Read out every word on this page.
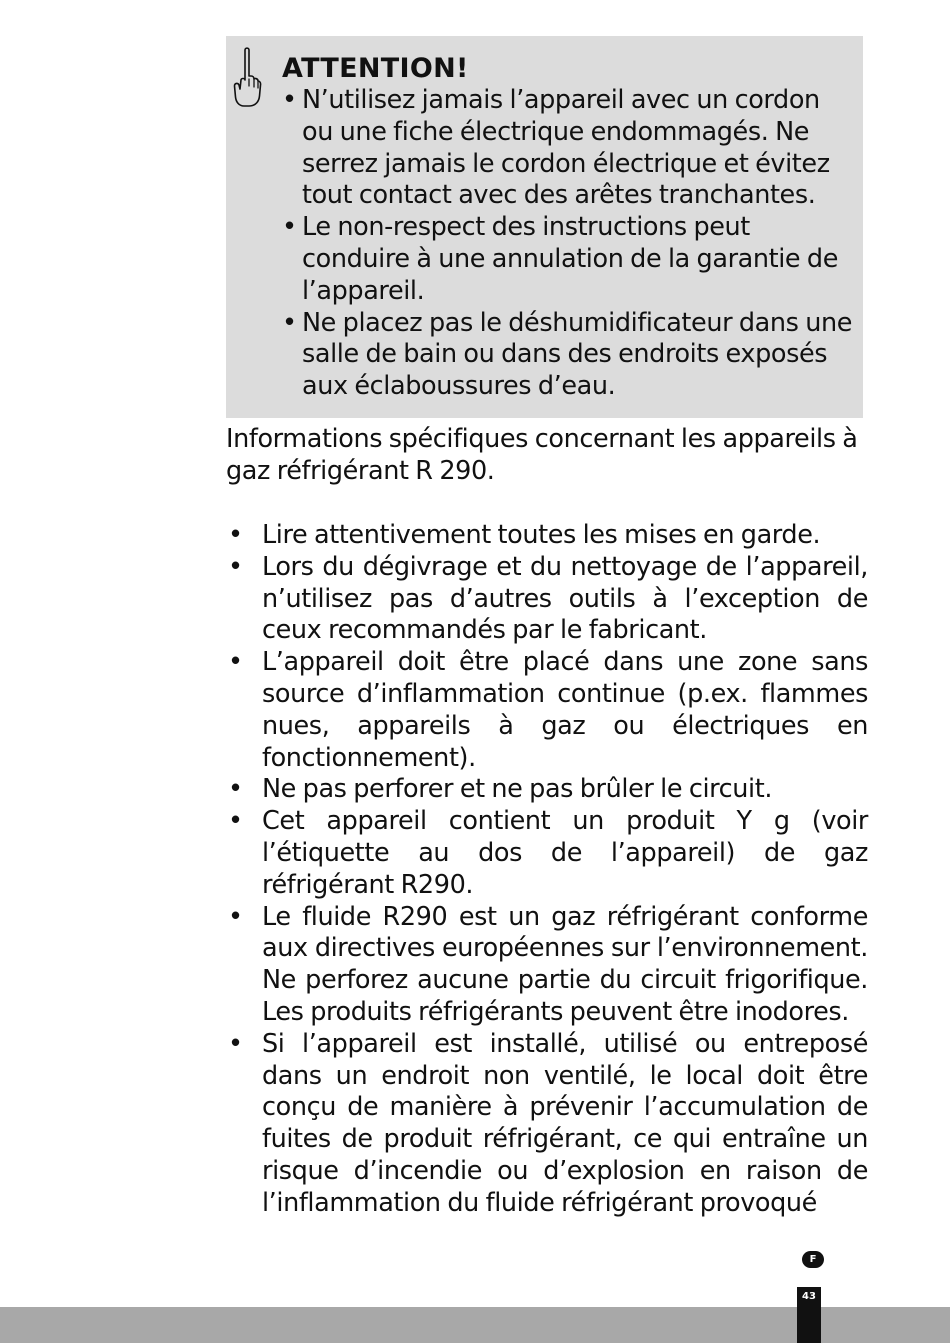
ATTENTION!
• N’utilisez jamais l’appareil avec un cordon ou une fiche électrique endommagés. Ne serrez jamais le cordon électrique et évitez tout contact avec des arêtes tranchantes.
• Le non-respect des instructions peut conduire à une annulation de la garantie de l’appareil.
• Ne placez pas le déshumidificateur dans une salle de bain ou dans des endroits exposés aux éclaboussures d’eau.

Informations spécifiques concernant les appareils à gaz réfrigérant R 290.

• Lire attentivement toutes les mises en garde.
• Lors du dégivrage et du nettoyage de l’appareil, n’utilisez pas d’autres outils à l’exception de ceux recommandés par le fabricant.
• L’appareil doit être placé dans une zone sans source d’inflammation continue (p.ex. flammes nues, appareils à gaz ou électriques en fonctionnement).
• Ne pas perforer et ne pas brûler le circuit.
• Cet appareil contient un produit Y g (voir l’étiquette au dos de l’appareil) de gaz réfrigérant R290.
• Le fluide R290 est un gaz réfrigérant conforme aux directives européennes sur l’environnement. Ne perforez aucune partie du circuit frigorifique. Les produits réfrigérants peuvent être inodores.
• Si l’appareil est installé, utilisé ou entreposé dans un endroit non ventilé, le local doit être conçu de manière à prévenir l’accumulation de fuites de produit réfrigérant, ce qui entraîne un risque d’incendie ou d’explosion en raison de l’inflammation du fluide réfrigérant provoqué
F
43
